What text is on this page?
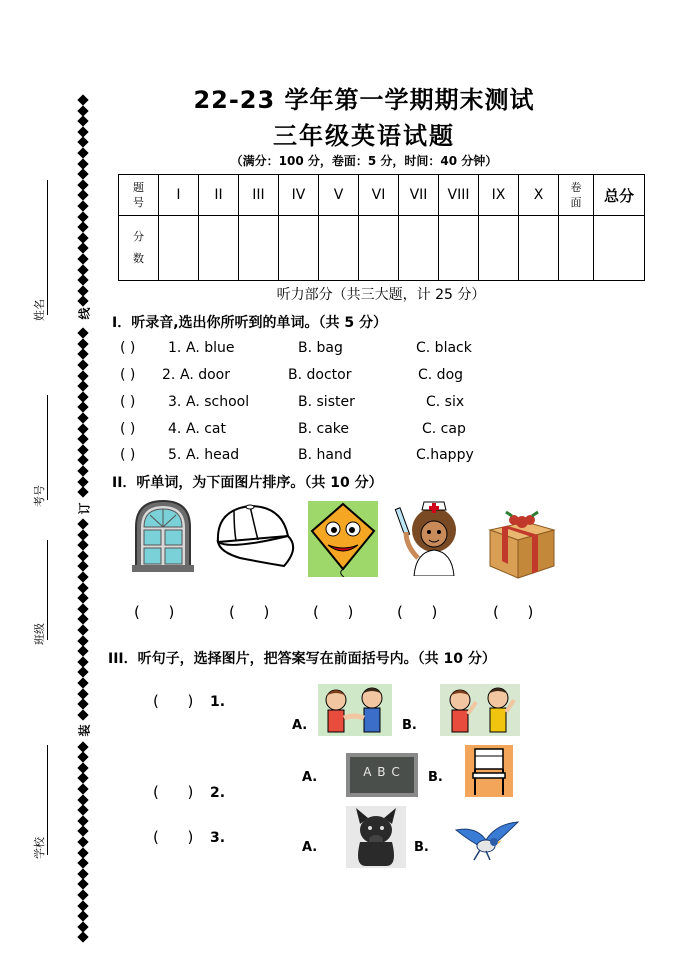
姓名
考号
班级
学校
线
订
装
22-23 学年第一学期期末测试
三年级英语试题
（满分：100 分，卷面：5 分，时间：40 分钟）
题号	I	II	III	IV	V	VI	VII	VIII	IX	X	卷面	总分
分数												
听力部分（共三大题，计 25 分）
I．听录音,选出你所听到的单词。（共 5 分）
( ) 1. A. blue	B. bag	C. black
( ) 2. A. door	B. doctor	C. dog
( ) 3. A. school	B. sister	C. six
( ) 4. A. cat	B. cake	C. cap
( ) 5. A. head	B. hand	C.happy
II．听单词，为下面图片排序。（共 10 分）
(      )	(      )	(      )	(      )	(      )
III．听句子，选择图片，把答案写在前面括号内。（共 10 分）
(      ) 1.
A.	B.
A.	A B C	B.
(      ) 2.
(      ) 3.
A.	B.
